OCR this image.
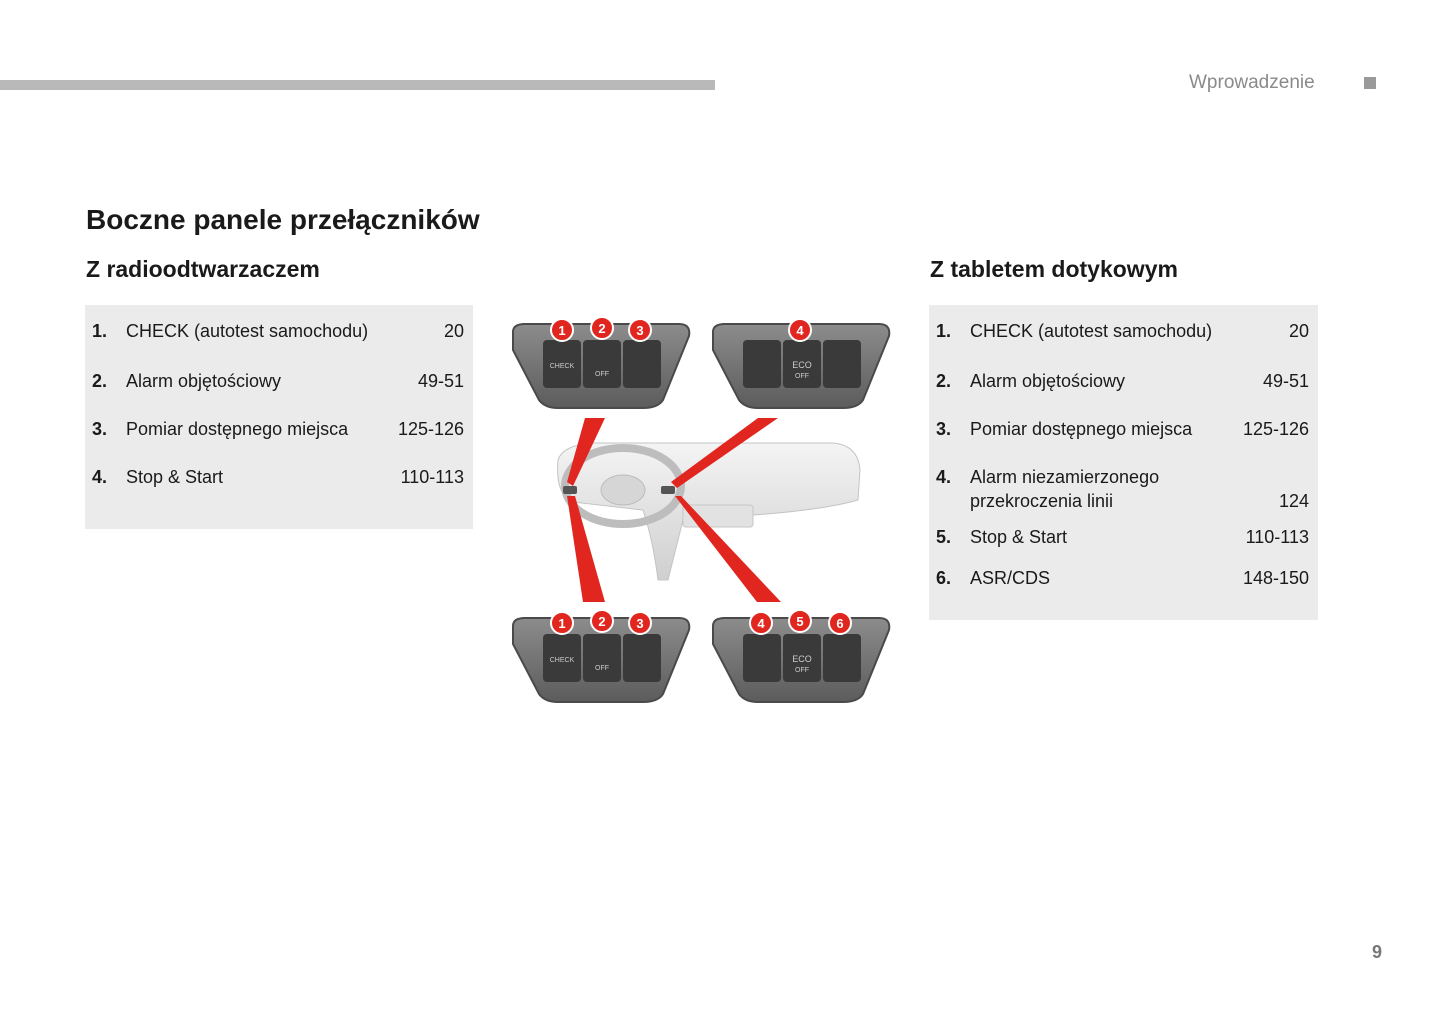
Wprowadzenie
Boczne panele przełączników
Z radioodtwarzaczem	Z tabletem dotykowym
1.	CHECK (autotest samochodu)	20
2.	Alarm objętościowy	49-51
3.	Pomiar dostępnego miejsca	125-126
4.	Stop & Start	110-113
1.	CHECK (autotest samochodu)	20
2.	Alarm objętościowy	49-51
3.	Pomiar dostępnego miejsca	125-126
4.	Alarm niezamierzonego przekroczenia linii	124
5.	Stop & Start	110-113
6.	ASR/CDS	148-150
CHECK
OFF
1	2 3
ECO
OFF
4
CHECK
OFF
1	2 3
ECO
OFF
4 5	6
9
